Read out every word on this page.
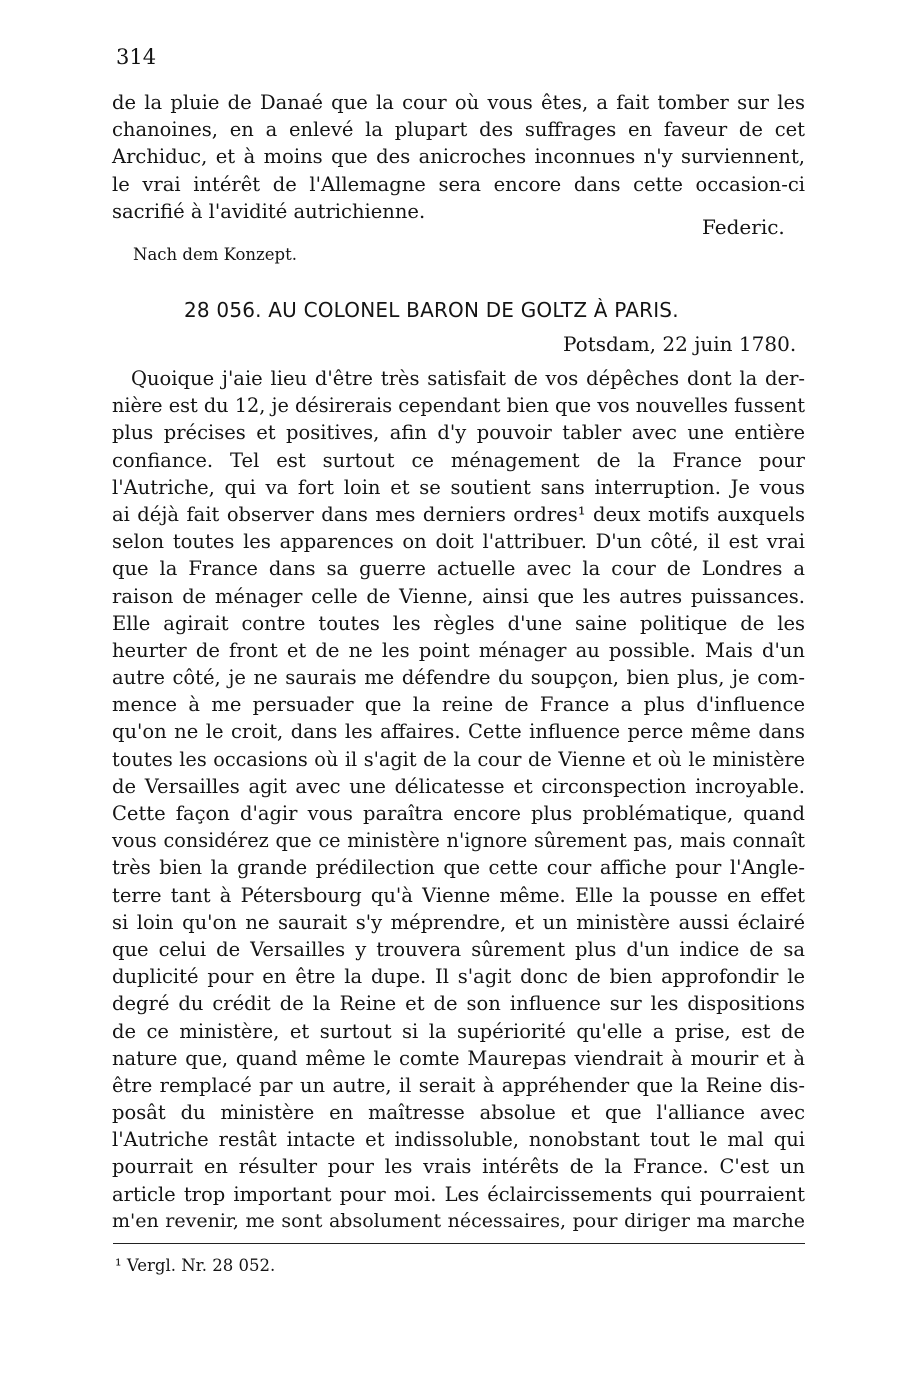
314
de la pluie de Danaé que la cour où vous êtes, a fait tomber sur les
chanoines, en a enlevé la plupart des suffrages en faveur de cet
Archiduc, et à moins que des anicroches inconnues n'y surviennent,
le vrai intérêt de l'Allemagne sera encore dans cette occasion-ci
sacrifié à l'avidité autrichienne.
Federic.
Nach dem Konzept.
28 056. AU COLONEL BARON DE GOLTZ À PARIS.
Potsdam, 22 juin 1780.
Quoique j'aie lieu d'être très satisfait de vos dépêches dont la der-
nière est du 12, je désirerais cependant bien que vos nouvelles fussent
plus précises et positives, afin d'y pouvoir tabler avec une entière
confiance. Tel est surtout ce ménagement de la France pour
l'Autriche, qui va fort loin et se soutient sans interruption. Je vous
ai déjà fait observer dans mes derniers ordres¹ deux motifs auxquels
selon toutes les apparences on doit l'attribuer. D'un côté, il est vrai
que la France dans sa guerre actuelle avec la cour de Londres a
raison de ménager celle de Vienne, ainsi que les autres puissances.
Elle agirait contre toutes les règles d'une saine politique de les
heurter de front et de ne les point ménager au possible. Mais d'un
autre côté, je ne saurais me défendre du soupçon, bien plus, je com-
mence à me persuader que la reine de France a plus d'influence
qu'on ne le croit, dans les affaires. Cette influence perce même dans
toutes les occasions où il s'agit de la cour de Vienne et où le ministère
de Versailles agit avec une délicatesse et circonspection incroyable.
Cette façon d'agir vous paraîtra encore plus problématique, quand
vous considérez que ce ministère n'ignore sûrement pas, mais connaît
très bien la grande prédilection que cette cour affiche pour l'Angle-
terre tant à Pétersbourg qu'à Vienne même. Elle la pousse en effet
si loin qu'on ne saurait s'y méprendre, et un ministère aussi éclairé
que celui de Versailles y trouvera sûrement plus d'un indice de sa
duplicité pour en être la dupe. Il s'agit donc de bien approfondir le
degré du crédit de la Reine et de son influence sur les dispositions
de ce ministère, et surtout si la supériorité qu'elle a prise, est de
nature que, quand même le comte Maurepas viendrait à mourir et à
être remplacé par un autre, il serait à appréhender que la Reine dis-
posât du ministère en maîtresse absolue et que l'alliance avec
l'Autriche restât intacte et indissoluble, nonobstant tout le mal qui
pourrait en résulter pour les vrais intérêts de la France. C'est un
article trop important pour moi. Les éclaircissements qui pourraient
m'en revenir, me sont absolument nécessaires, pour diriger ma marche
¹ Vergl. Nr. 28 052.
